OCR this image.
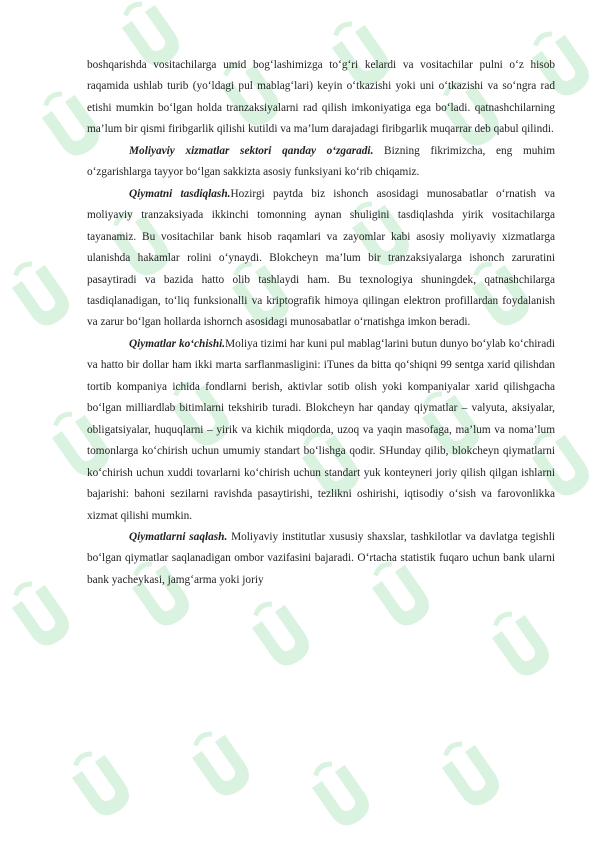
boshqarishda vositachilarga umid bog‘lashimizga to‘g‘ri kelardi va vositachilar pulni o‘z hisob raqamida ushlab turib (yo‘ldagi pul mablag‘lari) keyin o‘tkazishi yoki uni o‘tkazishi va so‘ngra rad etishi mumkin bo‘lgan holda tranzaksiyalarni rad qilish imkoniyatiga ega bo‘ladi. qatnashchilarning ma’lum bir qismi firibgarlik qilishi kutildi va ma’lum darajadagi firibgarlik muqarrar deb qabul qilindi.

Moliyaviy xizmatlar sektori qanday o‘zgaradi. Bizning fikrimizcha, eng muhim o‘zgarishlarga tayyor bo‘lgan sakkizta asosiy funksiyani ko‘rib chiqamiz.

Qiymatni tasdiqlash.Hozirgi paytda biz ishonch asosidagi munosabatlar o‘rnatish va moliyaviy tranzaksiyada ikkinchi tomonning aynan shuligini tasdiqlashda yirik vositachilarga tayanamiz. Bu vositachilar bank hisob raqamlari va zayomlar kabi asosiy moliyaviy xizmatlarga ulanishda hakamlar rolini o‘ynaydi. Blokcheyn ma’lum bir tranzaksiyalarga ishonch zaruratini pasaytiradi va bazida hatto olib tashlaydi ham. Bu texnologiya shuningdek, qatnashchilarga tasdiqlanadigan, to‘liq funksionalli va kriptografik himoya qilingan elektron profillardan foydalanish va zarur bo‘lgan hollarda ishornch asosidagi munosabatlar o‘rnatishga imkon beradi.

Qiymatlar ko‘chishi.Moliya tizimi har kuni pul mablag‘larini butun dunyo bo‘ylab ko‘chiradi va hatto bir dollar ham ikki marta sarflanmasligini: iTunes da bitta qo‘shiqni 99 sentga xarid qilishdan tortib kompaniya ichida fondlarni berish, aktivlar sotib olish yoki kompaniyalar xarid qilishgacha bo‘lgan milliardlab bitimlarni tekshirib turadi. Blokcheyn har qanday qiymatlar – valyuta, aksiyalar, obligatsiyalar, huquqlarni – yirik va kichik miqdorda, uzoq va yaqin masofaga, ma’lum va noma’lum tomonlarga ko‘chirish uchun umumiy standart bo‘lishga qodir. SHunday qilib, blokcheyn qiymatlarni ko‘chirish uchun xuddi tovarlarni ko‘chirish uchun standart yuk konteyneri joriy qilish qilgan ishlarni bajarishi: bahoni sezilarni ravishda pasaytirishi, tezlikni oshirishi, iqtisodiy o‘sish va farovonlikka xizmat qilishi mumkin.

Qiymatlarni saqlash. Moliyaviy institutlar xususiy shaxslar, tashkilotlar va davlatga tegishli bo‘lgan qiymatlar saqlanadigan ombor vazifasini bajaradi. O‘rtacha statistik fuqaro uchun bank ularni bank yacheykasi, jamg‘arma yoki joriy
